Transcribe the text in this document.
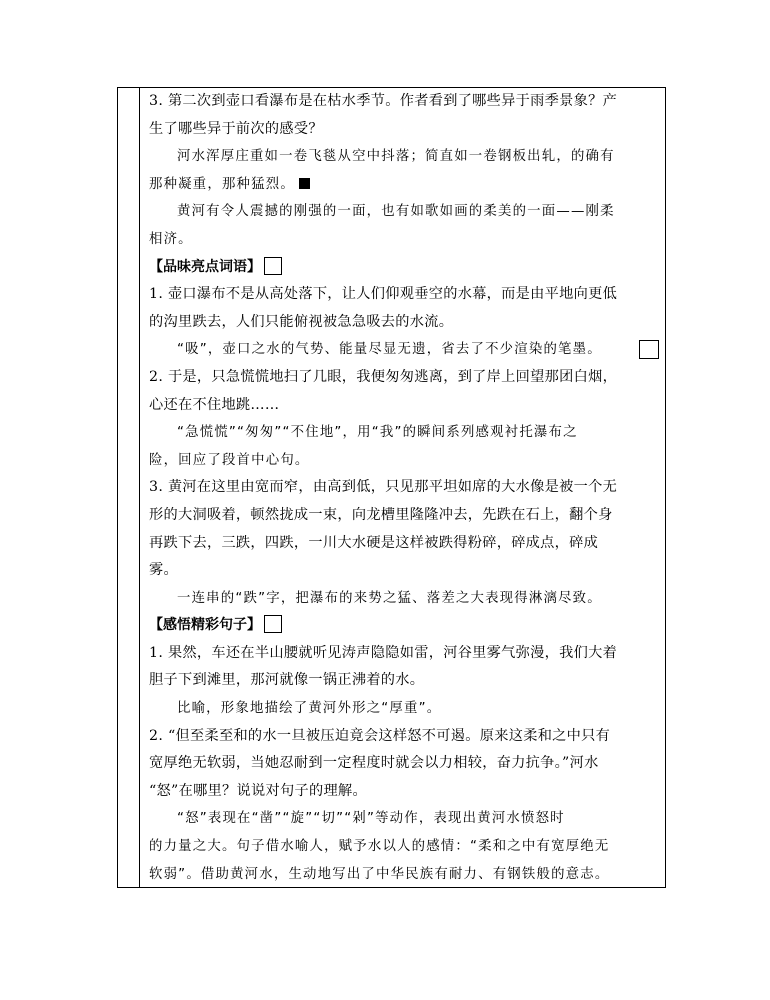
3. 第二次到壶口看瀑布是在枯水季节。作者看到了哪些异于雨季景象？产
生了哪些异于前次的感受？
河水浑厚庄重如一卷飞毯从空中抖落；简直如一卷钢板出轧，的确有
那种凝重，那种猛烈。
黄河有令人震撼的刚强的一面，也有如歌如画的柔美的一面——刚柔
相济。
【品味亮点词语】
1. 壶口瀑布不是从高处落下，让人们仰观垂空的水幕，而是由平地向更低
的沟里跌去，人们只能俯视被急急吸去的水流。
“吸”，壶口之水的气势、能量尽显无遗，省去了不少渲染的笔墨。
2. 于是，只急慌慌地扫了几眼，我便匆匆逃离，到了岸上回望那团白烟，
心还在不住地跳……
“急慌慌”“匆匆”“不住地”，用“我”的瞬间系列感观衬托瀑布之
险，回应了段首中心句。
3. 黄河在这里由宽而窄，由高到低，只见那平坦如席的大水像是被一个无
形的大洞吸着，顿然拢成一束，向龙槽里隆隆冲去，先跌在石上，翻个身
再跌下去，三跌，四跌，一川大水硬是这样被跌得粉碎，碎成点，碎成
雾。
一连串的“跌”字，把瀑布的来势之猛、落差之大表现得淋漓尽致。
【感悟精彩句子】
1. 果然，车还在半山腰就听见涛声隐隐如雷，河谷里雾气弥漫，我们大着
胆子下到滩里，那河就像一锅正沸着的水。
比喻，形象地描绘了黄河外形之“厚重”。
2. “但至柔至和的水一旦被压迫竟会这样怒不可遏。原来这柔和之中只有
宽厚绝无软弱，当她忍耐到一定程度时就会以力相较，奋力抗争。”河水
“怒”在哪里？说说对句子的理解。
“怒”表现在“凿”“旋”“切”“剁”等动作，表现出黄河水愤怒时
的力量之大。句子借水喻人，赋予水以人的感情：“柔和之中有宽厚绝无
软弱”。借助黄河水，生动地写出了中华民族有耐力、有钢铁般的意志。
